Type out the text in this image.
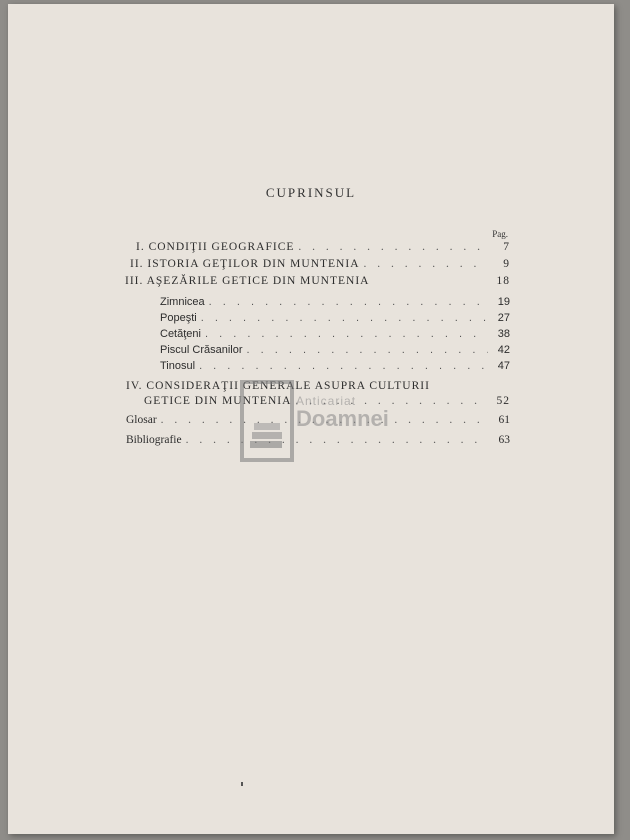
CUPRINSUL
Pag.
I. CONDIŢII GEOGRAFICE . . .	7
II. ISTORIA GEŢILOR DIN MUNTENIA . . .	9
III. AŞEZĂRILE GETICE DIN MUNTENIA	18
Zimnicea . . .	19
Popeşti . . .	27
Cetăţeni . . .	38
Piscul Crăsanilor . . .	42
Tinosul . . .	47
IV. CONSIDERAŢII GENERALE ASUPRA CULTURII
GETICE DIN MUNTENIA . . .	52
Glosar . . .	61
Bibliografie . . .	63
Anticariat
Doamnei
